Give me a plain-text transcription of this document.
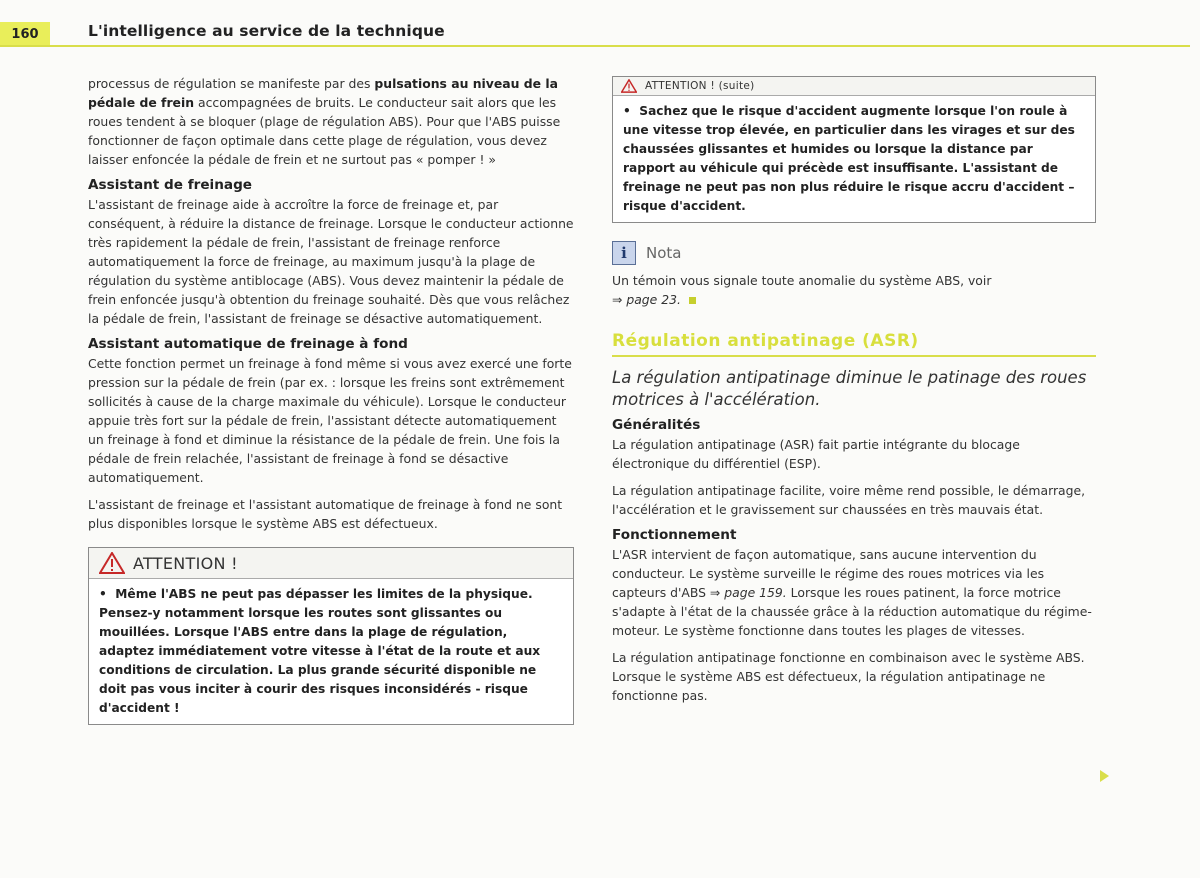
160	L'intelligence au service de la technique

processus de régulation se manifeste par des pulsations au niveau de la pédale de frein accompagnées de bruits. Le conducteur sait alors que les roues tendent à se bloquer (plage de régulation ABS). Pour que l'ABS puisse fonctionner de façon optimale dans cette plage de régulation, vous devez laisser enfoncée la pédale de frein et ne surtout pas « pomper ! »

Assistant de freinage

L'assistant de freinage aide à accroître la force de freinage et, par conséquent, à réduire la distance de freinage. Lorsque le conducteur actionne très rapidement la pédale de frein, l'assistant de freinage renforce automatiquement la force de freinage, au maximum jusqu'à la plage de régulation du système antiblocage (ABS). Vous devez maintenir la pédale de frein enfoncée jusqu'à obtention du freinage souhaité. Dès que vous relâchez la pédale de frein, l'assistant de freinage se désactive automatiquement.

Assistant automatique de freinage à fond

Cette fonction permet un freinage à fond même si vous avez exercé une forte pression sur la pédale de frein (par ex. : lorsque les freins sont extrêmement sollicités à cause de la charge maximale du véhicule). Lorsque le conducteur appuie très fort sur la pédale de frein, l'assistant détecte automatiquement un freinage à fond et diminue la résistance de la pédale de frein. Une fois la pédale de frein relachée, l'assistant de freinage à fond se désactive automatiquement.

L'assistant de freinage et l'assistant automatique de freinage à fond ne sont plus disponibles lorsque le système ABS est défectueux.

ATTENTION !

• Même l'ABS ne peut pas dépasser les limites de la physique. Pensez-y notamment lorsque les routes sont glissantes ou mouillées. Lorsque l'ABS entre dans la plage de régulation, adaptez immédiatement votre vitesse à l'état de la route et aux conditions de circulation. La plus grande sécurité disponible ne doit pas vous inciter à courir des risques inconsidérés - risque d'accident !

ATTENTION ! (suite)

• Sachez que le risque d'accident augmente lorsque l'on roule à une vitesse trop élevée, en particulier dans les virages et sur des chaussées glissantes et humides ou lorsque la distance par rapport au véhicule qui précède est insuffisante. L'assistant de freinage ne peut pas non plus réduire le risque accru d'accident – risque d'accident.

i	Nota

Un témoin vous signale toute anomalie du système ABS, voir
⇒ page 23.

Régulation antipatinage (ASR)

La régulation antipatinage diminue le patinage des roues motrices à l'accélération.

Généralités

La régulation antipatinage (ASR) fait partie intégrante du blocage électronique du différentiel (ESP).

La régulation antipatinage facilite, voire même rend possible, le démarrage, l'accélération et le gravissement sur chaussées en très mauvais état.

Fonctionnement

L'ASR intervient de façon automatique, sans aucune intervention du conducteur. Le système surveille le régime des roues motrices via les capteurs d'ABS ⇒ page 159. Lorsque les roues patinent, la force motrice s'adapte à l'état de la chaussée grâce à la réduction automatique du régime-moteur. Le système fonctionne dans toutes les plages de vitesses.

La régulation antipatinage fonctionne en combinaison avec le système ABS. Lorsque le système ABS est défectueux, la régulation antipatinage ne fonctionne pas.
